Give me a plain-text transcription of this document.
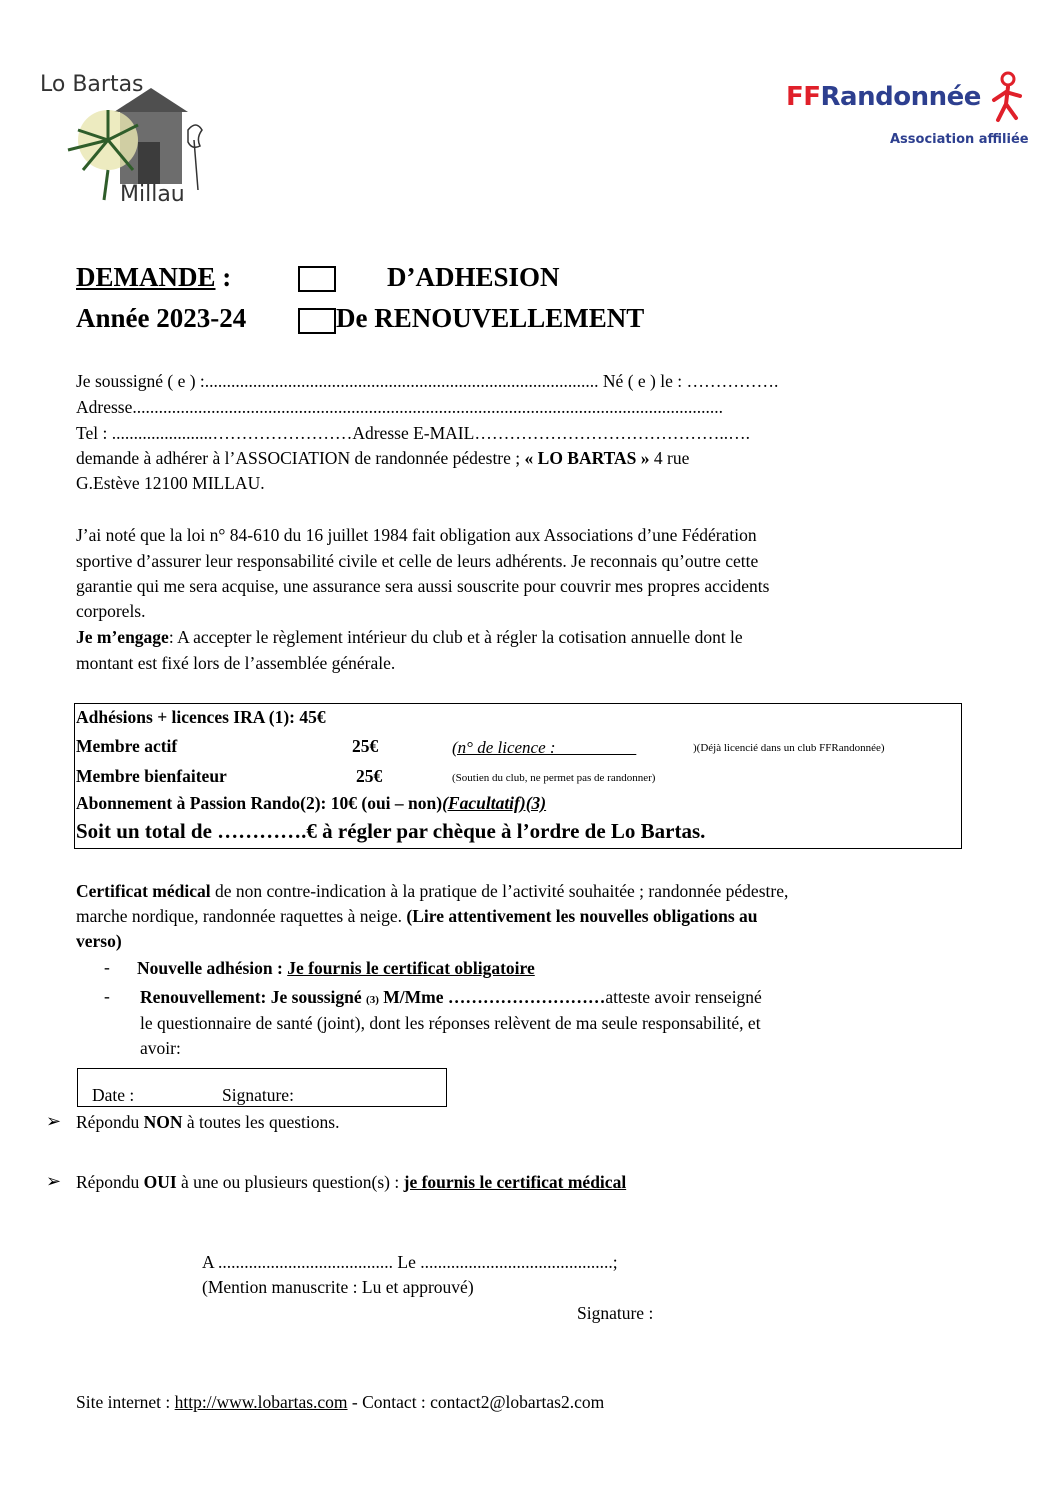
Lo Bartas
Millau
FFRandonnée
Association affiliée
DEMANDE :	D’ADHESION
Année 2023-24	De RENOUVELLEMENT
Je soussigné ( e ) :.......................................................................................... Né ( e ) le : …………….
Adresse.......................................................................................................................................
Tel : .......................……………………Adresse E-MAIL……………………………………..….
demande à adhérer à l’ASSOCIATION de randonnée pédestre ; « LO BARTAS » 4 rue
G.Estève 12100 MILLAU.
J’ai noté que la loi n° 84-610 du 16 juillet 1984 fait obligation aux Associations d’une Fédération
sportive d’assurer leur responsabilité civile et celle de leurs adhérents. Je reconnais qu’outre cette
garantie qui me sera acquise, une assurance sera aussi souscrite pour couvrir mes propres accidents
corporels.
Je m’engage: A accepter le règlement intérieur du club et à régler la cotisation annuelle dont le
montant est fixé lors de l’assemblée générale.
Adhésions + licences IRA (1): 45€
Membre actif	25€	(n° de licence :	)(Déjà licencié dans un club FFRandonnée)
Membre bienfaiteur	25€	(Soutien du club, ne permet pas de randonner)
Abonnement à Passion Rando(2): 10€ (oui – non)(Facultatif)(3)
Soit un total de ………….€ à régler par chèque à l’ordre de Lo Bartas.
Certificat médical de non contre-indication à la pratique de l’activité souhaitée ; randonnée pédestre,
marche nordique, randonnée raquettes à neige. (Lire attentivement les nouvelles obligations au
verso)
- Nouvelle adhésion : Je fournis le certificat obligatoire
- Renouvellement: Je soussigné (3) M/Mme ………………………atteste avoir renseigné
le questionnaire de santé (joint), dont les réponses relèvent de ma seule responsabilité, et
avoir:
Date :	Signature:
➢ Répondu NON à toutes les questions.
➢ Répondu OUI à une ou plusieurs question(s) : je fournis le certificat médical
A ........................................ Le ............................................;
(Mention manuscrite : Lu et approuvé)
Signature :
Site internet : http://www.lobartas.com - Contact : contact2@lobartas2.com
